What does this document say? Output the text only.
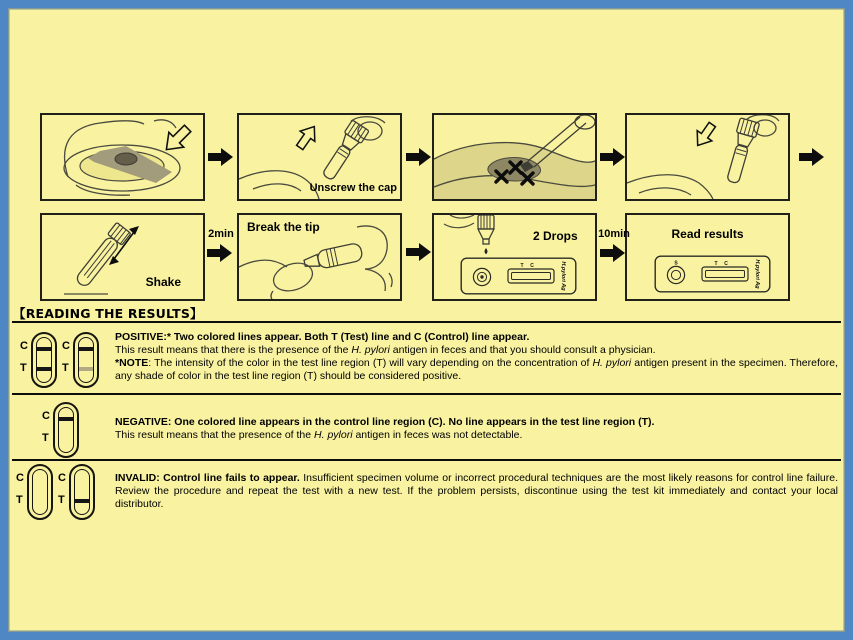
Unscrew the cap
Shake
Break the tip
T C	H.pylori Ag
2 Drops
S	T C	H.pylori Ag
Read results
2min	10min
【READING THE RESULTS】
C
T
C
T

POSITIVE:* Two colored lines appear. Both T (Test) line and C (Control) line appear.

This result means that there is the presence of the H. pylori antigen in feces and that you should consult a physician.

*NOTE: The intensity of the color in the test line region (T) will vary depending on the concentration of H. pylori antigen present in the specimen. Therefore, any shade of color in the test line region (T) should be considered positive.

C
T

NEGATIVE: One colored line appears in the control line region (C). No line appears in the test line region (T).

This result means that the presence of the H. pylori antigen in feces was not detectable.

C
T
C
T

INVALID: Control line fails to appear. Insufficient specimen volume or incorrect procedural techniques are the most likely reasons for control line failure. Review the procedure and repeat the test with a new test. If the problem persists, discontinue using the test kit immediately and contact your local distributor.
